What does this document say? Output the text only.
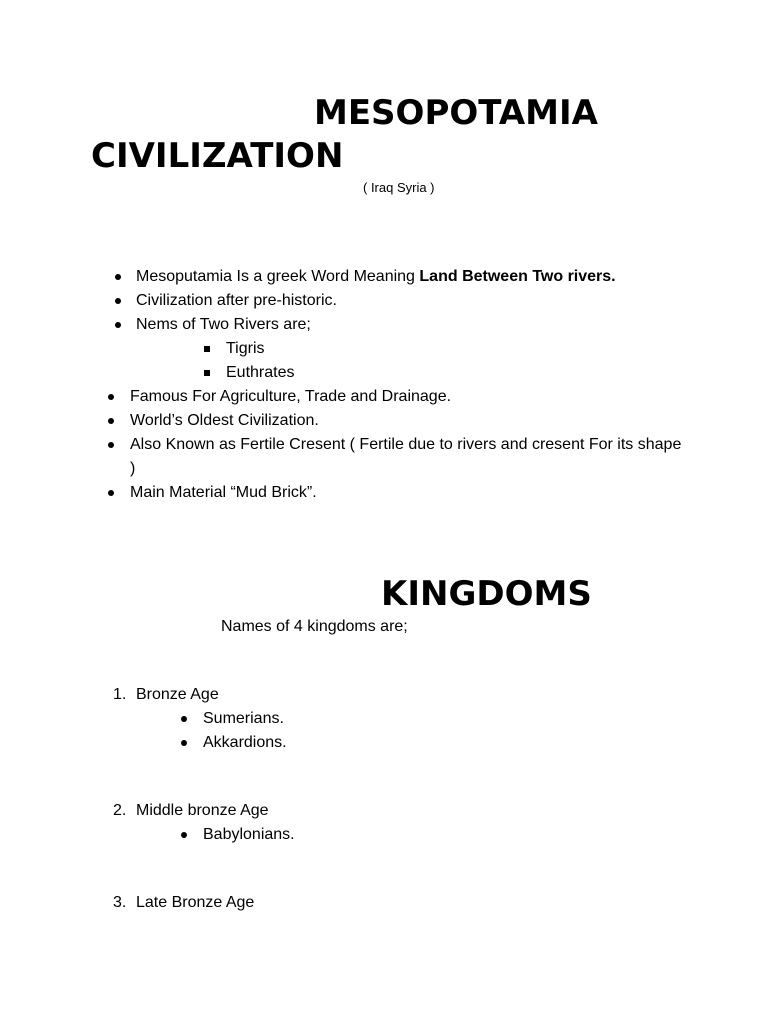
MESOPOTAMIA
CIVILIZATION
( Iraq Syria )
Mesoputamia Is a greek Word Meaning Land Between Two rivers.
Civilization after pre-historic.
Nems of Two Rivers are;
Tigris
Euthrates
Famous For Agriculture, Trade and Drainage.
World’s Oldest Civilization.
Also Known as Fertile Cresent ( Fertile due to rivers and cresent For its shape
)
Main Material “Mud Brick”.
KINGDOMS
Names of 4 kingdoms are;
1. Bronze Age
Sumerians.
Akkardions.
2. Middle bronze Age
Babylonians.
3. Late Bronze Age
